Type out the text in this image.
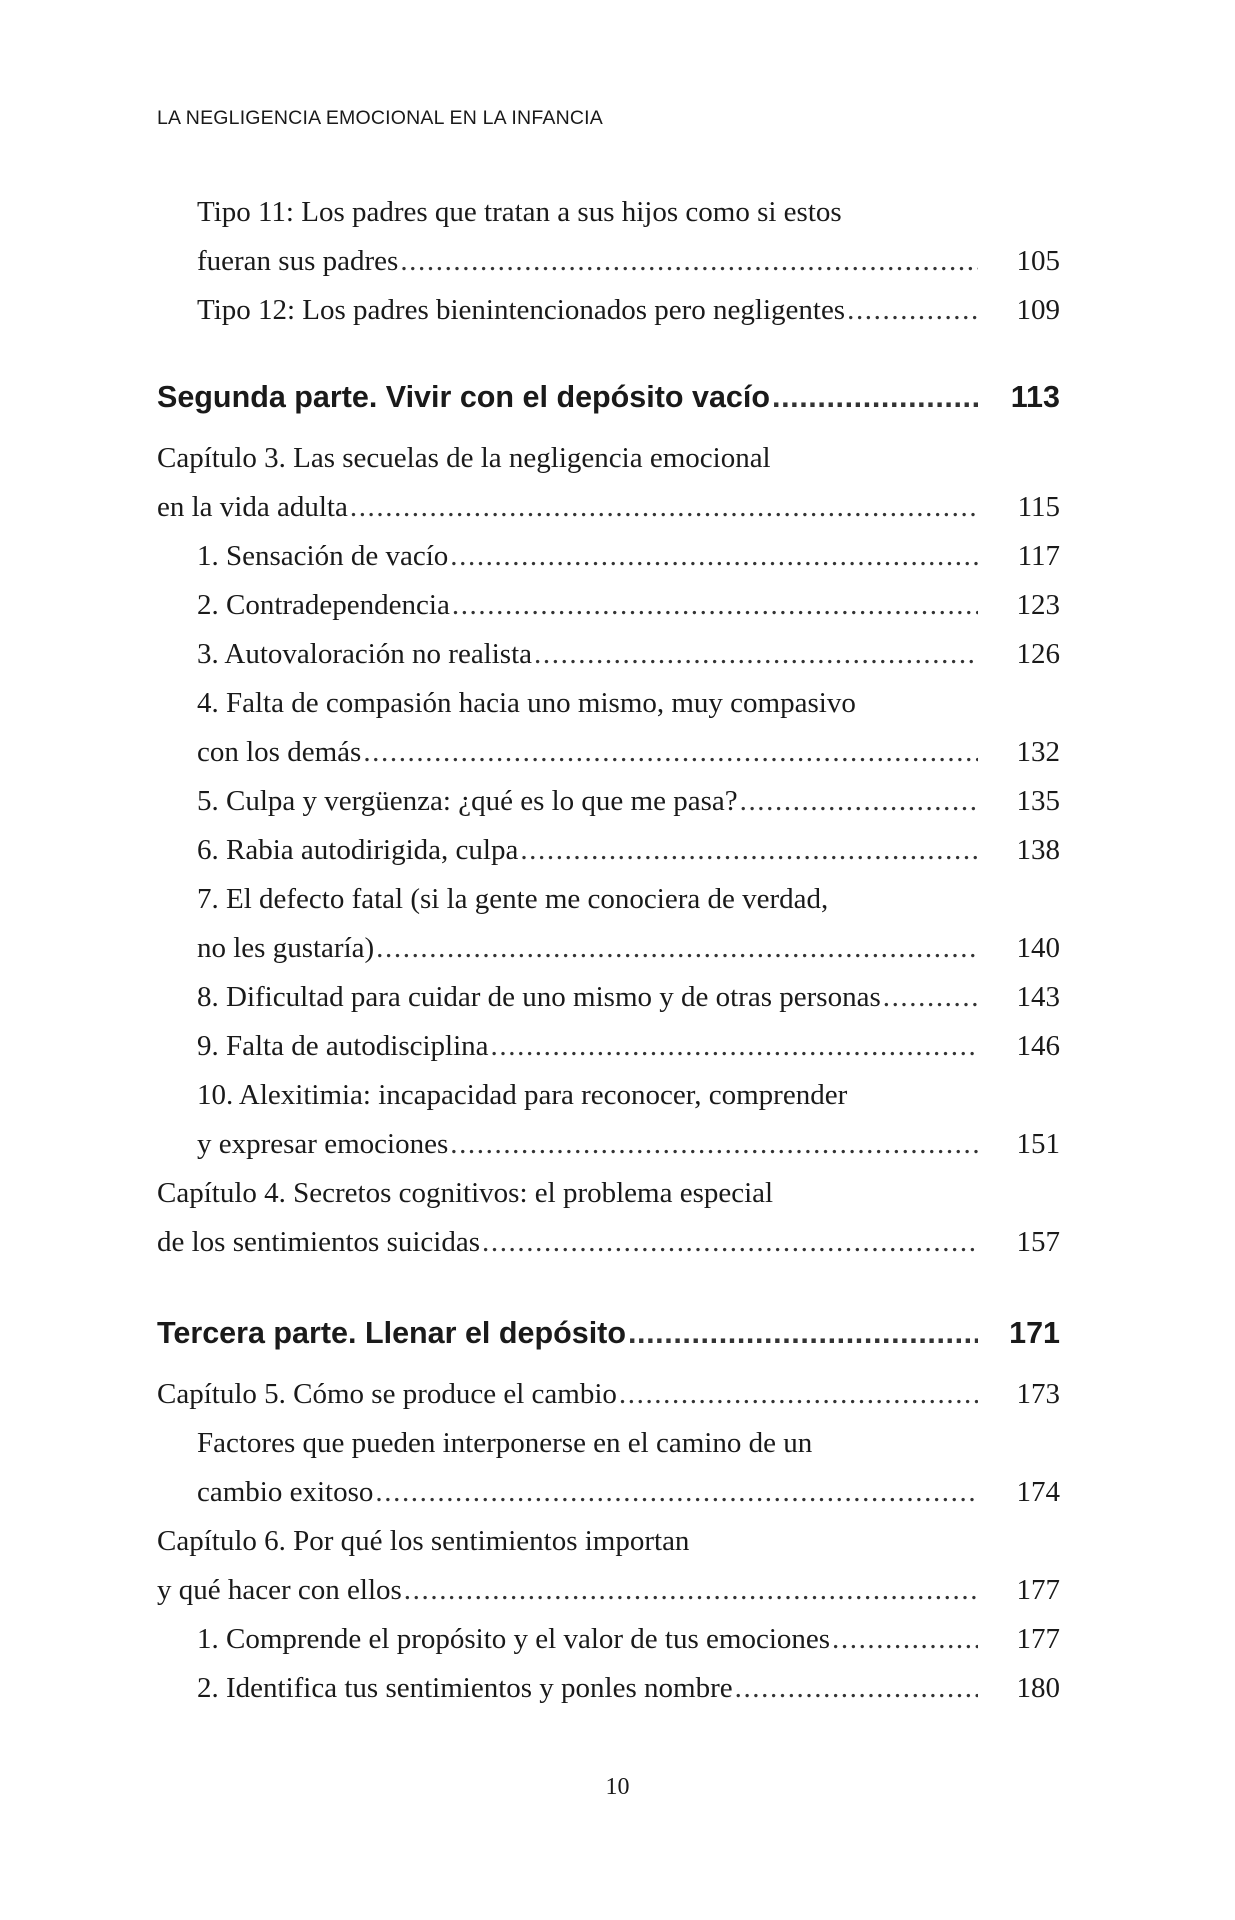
LA NEGLIGENCIA EMOCIONAL EN LA INFANCIA
Tipo 11: Los padres que tratan a sus hijos como si estos
fueran sus padres .....	105
Tipo 12: Los padres bienintencionados pero negligentes .....	109
Segunda parte. Vivir con el depósito vacío .....	113
Capítulo 3. Las secuelas de la negligencia emocional
en la vida adulta .....	115
1. Sensación de vacío .....	117
2. Contradependencia .....	123
3. Autovaloración no realista .....	126
4. Falta de compasión hacia uno mismo, muy compasivo
con los demás .....	132
5. Culpa y vergüenza: ¿qué es lo que me pasa? .....	135
6. Rabia autodirigida, culpa .....	138
7. El defecto fatal (si la gente me conociera de verdad,
no les gustaría) .....	140
8. Dificultad para cuidar de uno mismo y de otras personas .....	143
9. Falta de autodisciplina .....	146
10. Alexitimia: incapacidad para reconocer, comprender
y expresar emociones .....	151
Capítulo 4. Secretos cognitivos: el problema especial
de los sentimientos suicidas .....	157
Tercera parte. Llenar el depósito .....	171
Capítulo 5. Cómo se produce el cambio .....	173
Factores que pueden interponerse en el camino de un
cambio exitoso .....	174
Capítulo 6. Por qué los sentimientos importan
y qué hacer con ellos .....	177
1. Comprende el propósito y el valor de tus emociones .....	177
2. Identifica tus sentimientos y ponles nombre .....	180
10
